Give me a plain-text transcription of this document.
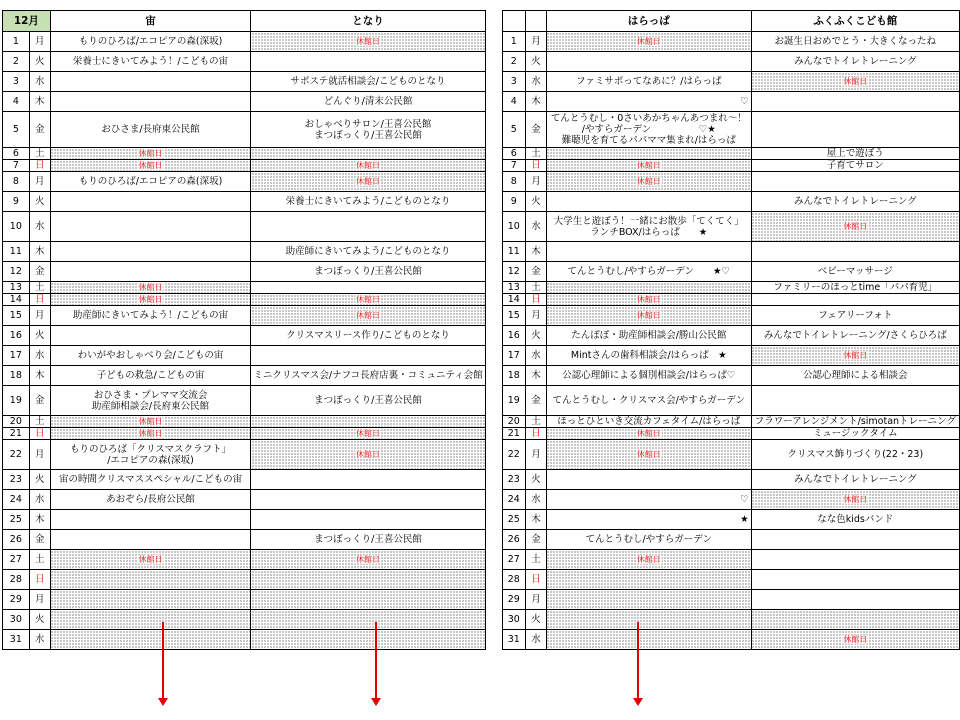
12月		宙	となり				はらっぱ	ふくふくこども館
1	月	もりのひろば/エコピアの森(深坂)	休館日		1	月	休館日	お誕生日おめでとう・大きくなったね
2	火	栄養士にきいてみよう！/こどもの宙			2	火		みんなでトイレトレーニング
3	水		サポステ就活相談会/こどものとなり		3	水	ファミサポってなあに？/はらっぱ	休館日
4	木		どんぐり/清末公民館		4	木	♡	
5	金	おひさま/長府東公民館	おしゃべりサロン/王喜公民館
まつぼっくり/王喜公民館		5	金	てんとうむし・0さいあかちゃんあつまれ～！
/やすらガーデン　　　　　♡★
難聴児を育てるパパママ集まれ/はらっぱ	
6	土	休館日			6	土		屋上で遊ぼう
7	日	休館日	休館日		7	日	休館日	子育てサロン
8	月	もりのひろば/エコピアの森(深坂)	休館日		8	月	休館日	
9	火		栄養士にきいてみよう/こどものとなり		9	火		みんなでトイレトレーニング
10	水				10	水	大学生と遊ぼう！一緒にお散歩「てくてく」
ランチBOX/はらっぱ　　★	休館日
11	木		助産師にきいてみよう/こどものとなり		11	木		
12	金		まつぼっくり/王喜公民館		12	金	てんとうむし/やすらガーデン　　★♡	ベビーマッサージ
13	土	休館日			13	土		ファミリーのほっとtime「パパ育児」
14	日	休館日	休館日		14	日	休館日	
15	月	助産師にきいてみよう！/こどもの宙	休館日		15	月	休館日	フェアリーフォト
16	火		クリスマスリース作り/こどものとなり		16	火	たんぽぽ・助産師相談会/勝山公民館	みんなでトイレトレーニング/さくらひろば
17	水	わいがやおしゃべり会/こどもの宙			17	水	Mintさんの歯科相談会/はらっぱ　★	休館日
18	木	子どもの救急/こどもの宙	ミニクリスマス会/ナフコ長府店裏・コミュニティ会館		18	木	公認心理師による個別相談会/はらっぱ♡	公認心理師による相談会
19	金	おひさま・プレママ交流会
助産師相談会/長府東公民館	まつぼっくり/王喜公民館		19	金	てんとうむし・クリスマス会/やすらガーデン	
20	土	休館日			20	土	ほっとひといき交流カフェタイム/はらっぱ	フラワーアレンジメント/simotanトレーニング
21	日	休館日	休館日		21	日	休館日	ミュージックタイム
22	月	もりのひろば「クリスマスクラフト」
/エコピアの森(深坂)	休館日		22	月	休館日	クリスマス飾りづくり(22・23)
23	火	宙の時間クリスマススペシャル/こどもの宙			23	火		みんなでトイレトレーニング
24	水	あおぞら/長府公民館			24	水	♡	休館日
25	木				25	木	★	なな色kidsバンド
26	金		まつぼっくり/王喜公民館		26	金	てんとうむし/やすらガーデン	
27	土	休館日	休館日		27	土	休館日	
28	日				28	日		
29	月				29	月		
30	火				30	火		
31	水				31	水		休館日
